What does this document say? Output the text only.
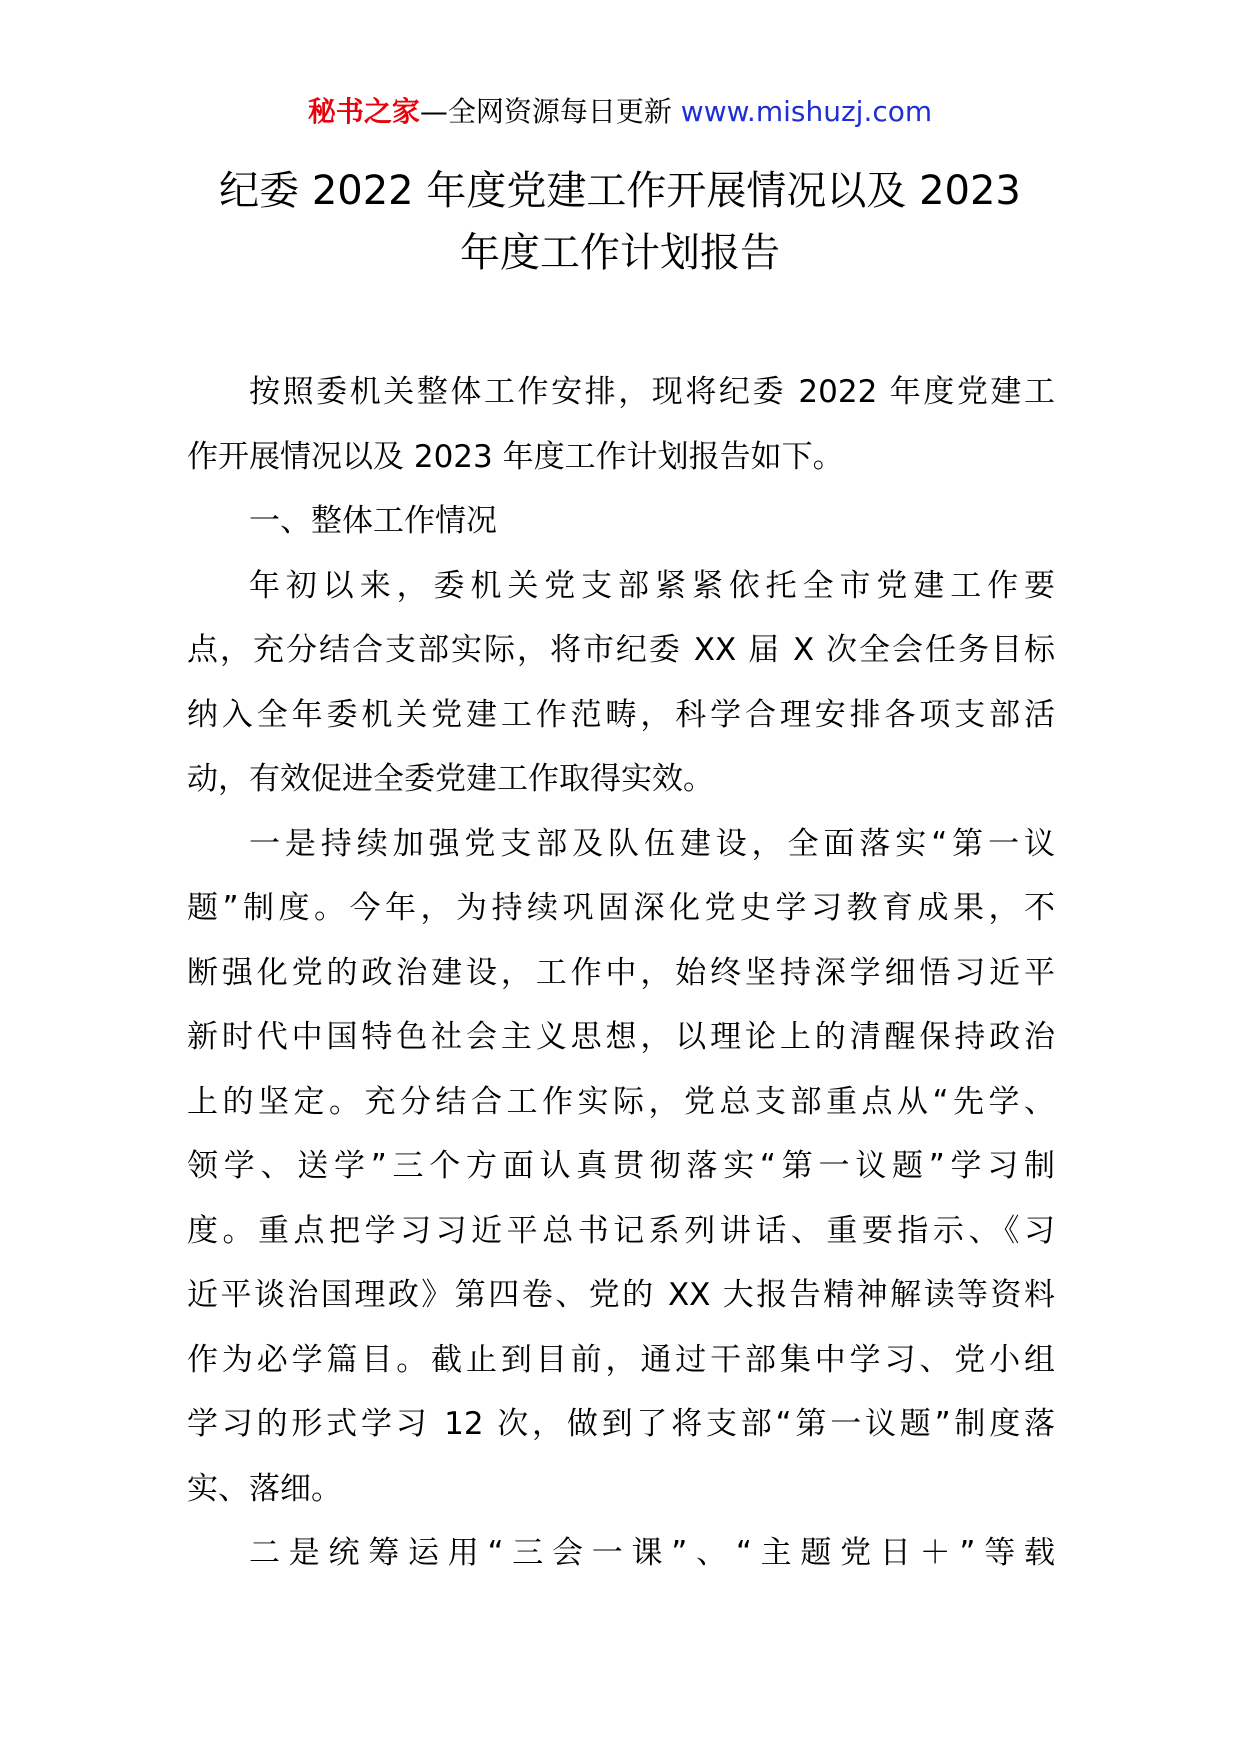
秘书之家—全网资源每日更新 www.mishuzj.com
纪委 2022 年度党建工作开展情况以及 2023
年度工作计划报告
按照委机关整体工作安排，现将纪委 2022 年度党建工
作开展情况以及 2023 年度工作计划报告如下。
一、整体工作情况
年初以来，委机关党支部紧紧依托全市党建工作要
点，充分结合支部实际，将市纪委 XX 届 X 次全会任务目标
纳入全年委机关党建工作范畴，科学合理安排各项支部活
动，有效促进全委党建工作取得实效。
一是持续加强党支部及队伍建设，全面落实“第一议
题”制度。今年，为持续巩固深化党史学习教育成果，不
断强化党的政治建设，工作中，始终坚持深学细悟习近平
新时代中国特色社会主义思想，以理论上的清醒保持政治
上的坚定。充分结合工作实际，党总支部重点从“先学、
领学、送学”三个方面认真贯彻落实“第一议题”学习制
度。重点把学习习近平总书记系列讲话、重要指示、《习
近平谈治国理政》第四卷、党的 XX 大报告精神解读等资料
作为必学篇目。截止到目前，通过干部集中学习、党小组
学习的形式学习 12 次，做到了将支部“第一议题”制度落
实、落细。
二是统筹运用“三会一课”、“主题党日＋”等载
